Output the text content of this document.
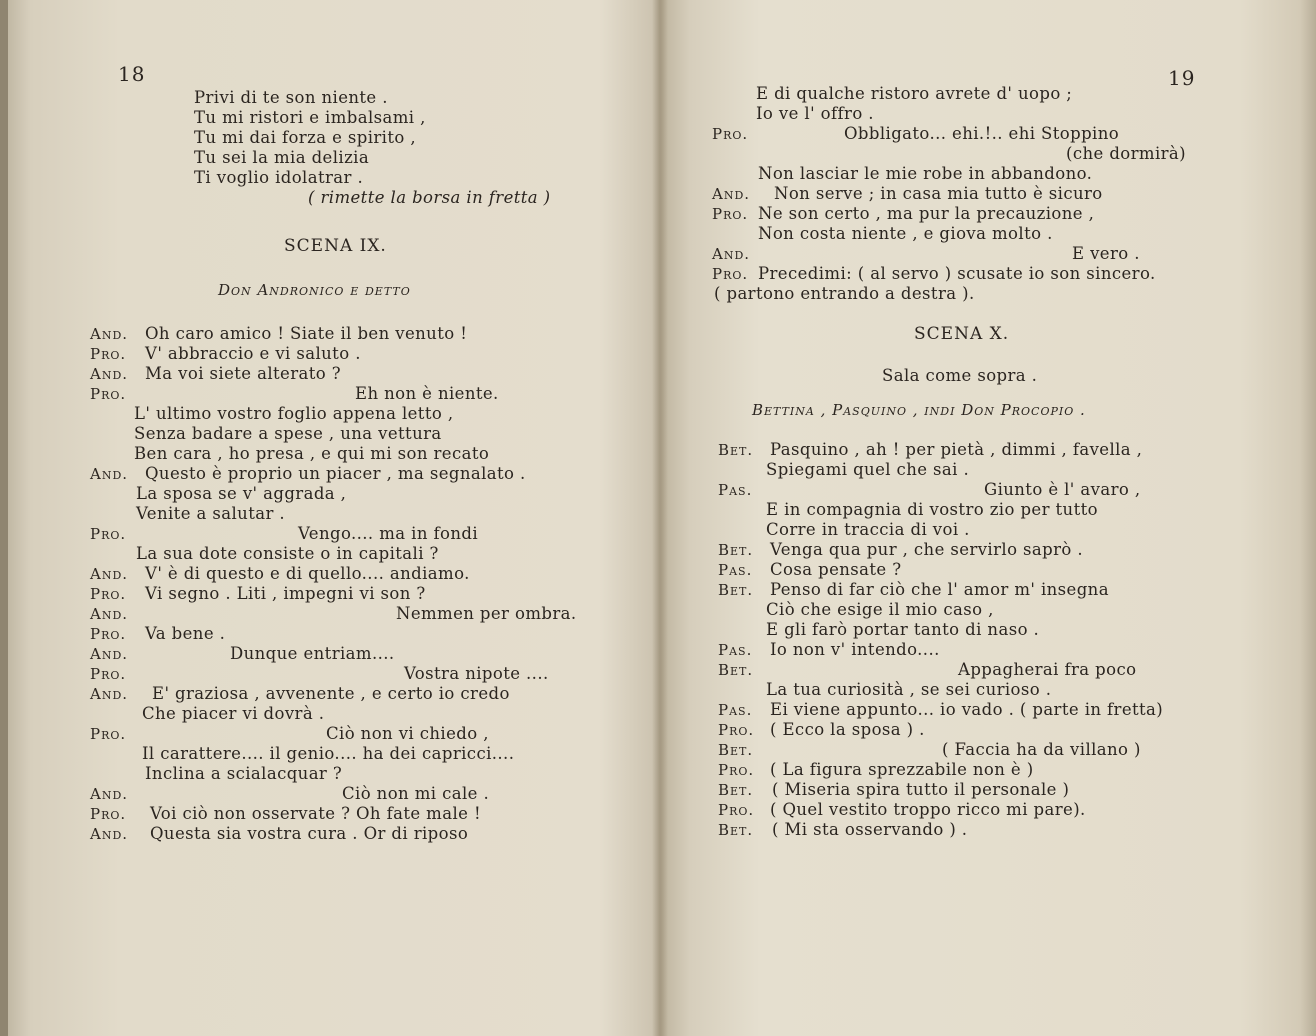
18
Privi di te son niente .
Tu mi ristori e imbalsami ,
Tu mi dai forza e spirito ,
Tu sei la mia delizia
Ti voglio idolatrar .
( rimette la borsa in fretta )
SCENA IX.
Don Andronico e detto
And. Oh caro amico ! Siate il ben venuto !
Pro. V' abbraccio e vi saluto .
And. Ma voi siete alterato ?
Pro.	Eh non è niente.
L' ultimo vostro foglio appena letto ,
Senza badare a spese , una vettura
Ben cara , ho presa , e qui mi son recato
And. Questo è proprio un piacer , ma segnalato .
La sposa se v' aggrada ,
Venite a salutar .
Pro.	Vengo.... ma in fondi
La sua dote consiste o in capitali ?
And. V' è di questo e di quello.... andiamo.
Pro. Vi segno . Liti , impegni vi son ?
And.	Nemmen per ombra.
Pro. Va bene .
And.	Dunque entriam....
Pro.	Vostra nipote ....
And. E' graziosa , avvenente , e certo io credo
Che piacer vi dovrà .
Pro.	Ciò non vi chiedo ,
Il carattere.... il genio.... ha dei capricci....
Inclina a scialacquar ?
And.	Ciò non mi cale .
Pro. Voi ciò non osservate ? Oh fate male !
And. Questa sia vostra cura . Or di riposo
19
E di qualche ristoro avrete d' uopo ;
Io ve l' offro .
Pro.	Obbligato... ehi.!.. ehi Stoppino
(che dormirà)
Non lasciar le mie robe in abbandono.
And. Non serve ; in casa mia tutto è sicuro
Pro. Ne son certo , ma pur la precauzione ,
Non costa niente , e giova molto .
And.	E vero .
Pro. Precedimi: ( al servo ) scusate io son sincero.
( partono entrando a destra ).
SCENA X.
Sala come sopra .
Bettina , Pasquino , indi Don Procopio .
Bet. Pasquino , ah ! per pietà , dimmi , favella ,
Spiegami quel che sai .
Pas.	Giunto è l' avaro ,
E in compagnia di vostro zio per tutto
Corre in traccia di voi .
Bet. Venga qua pur , che servirlo saprò .
Pas. Cosa pensate ?
Bet. Penso di far ciò che l' amor m' insegna
Ciò che esige il mio caso ,
E gli farò portar tanto di naso .
Pas. Io non v' intendo....
Bet.	Appagherai fra poco
La tua curiosità , se sei curioso .
Pas. Ei viene appunto... io vado . ( parte in fretta)
Pro. ( Ecco la sposa ) .
Bet.	( Faccia ha da villano )
Pro. ( La figura sprezzabile non è )
Bet. ( Miseria spira tutto il personale )
Pro. ( Quel vestito troppo ricco mi pare).
Bet. ( Mi sta osservando ) .
